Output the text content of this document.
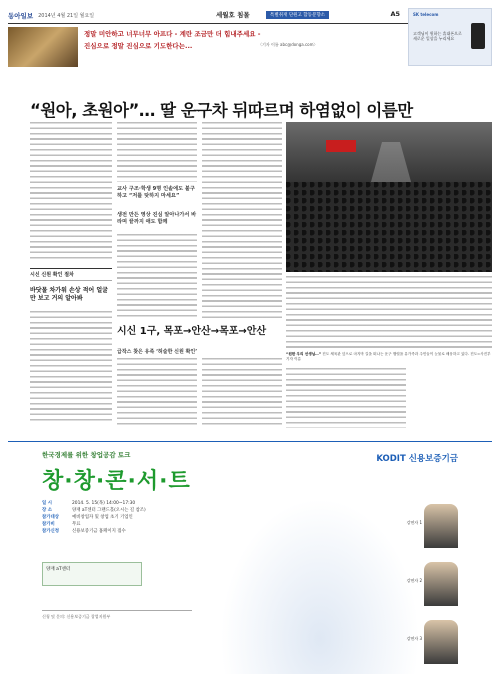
동아일보 2014년 4월 21일 월요일	세월호 침몰	특별취재 단원고 합동분향소	A5	SK telecom
고객님이 원하는 휴대폰으로 새로운 일상을 누리세요
정말 미안하고 너무너무 아프다 - 계란 조금만 더 힘내주세요 -
진심으로 정말 진심으로 기도한다는...	〈기자 이름 abc@donga.com〉
“원아, 초원아”… 딸 운구차 뒤따르며 하염없이 이름만
교사 구조·학생 9명 인솔에도 불구하고 “저를 탓하지 마세요”
생전 만든 영상 진심 알아나가서 바라며 끝까지 애도 함께
“원한 우리 선생님…” 진도 체육관 앞으로 마지막 길을 떠나는 운구 행렬을 유가족과 주민들이 눈물로 배웅하고 있다. 진도=사진부 기자 이름
시신 신원 확인 절차
바닷물 차가워 손상 적어 얼굴만 보고 거의 알아봐
시신 1구, 목포→안산→목포→안산
급작스 찾은 유족 ‘허술한 신원 확인’
한국경제를 위한 창업공감 토크
창·창·콘·서·트
KODIT 신용보증기금
일 시	2014. 5. 15(목) 14:00~17:30
장 소	양재 aT센터 그랜드홀(오시는 길 참조)
참가대상	예비창업자 및 창업 초기 기업인
참가비	무료
참가신청	신용보증기금 홈페이지 접수
양재 aT센터
신청 및 문의: 신용보증기금 창업지원부
강연자 1
강연자 2
강연자 3
